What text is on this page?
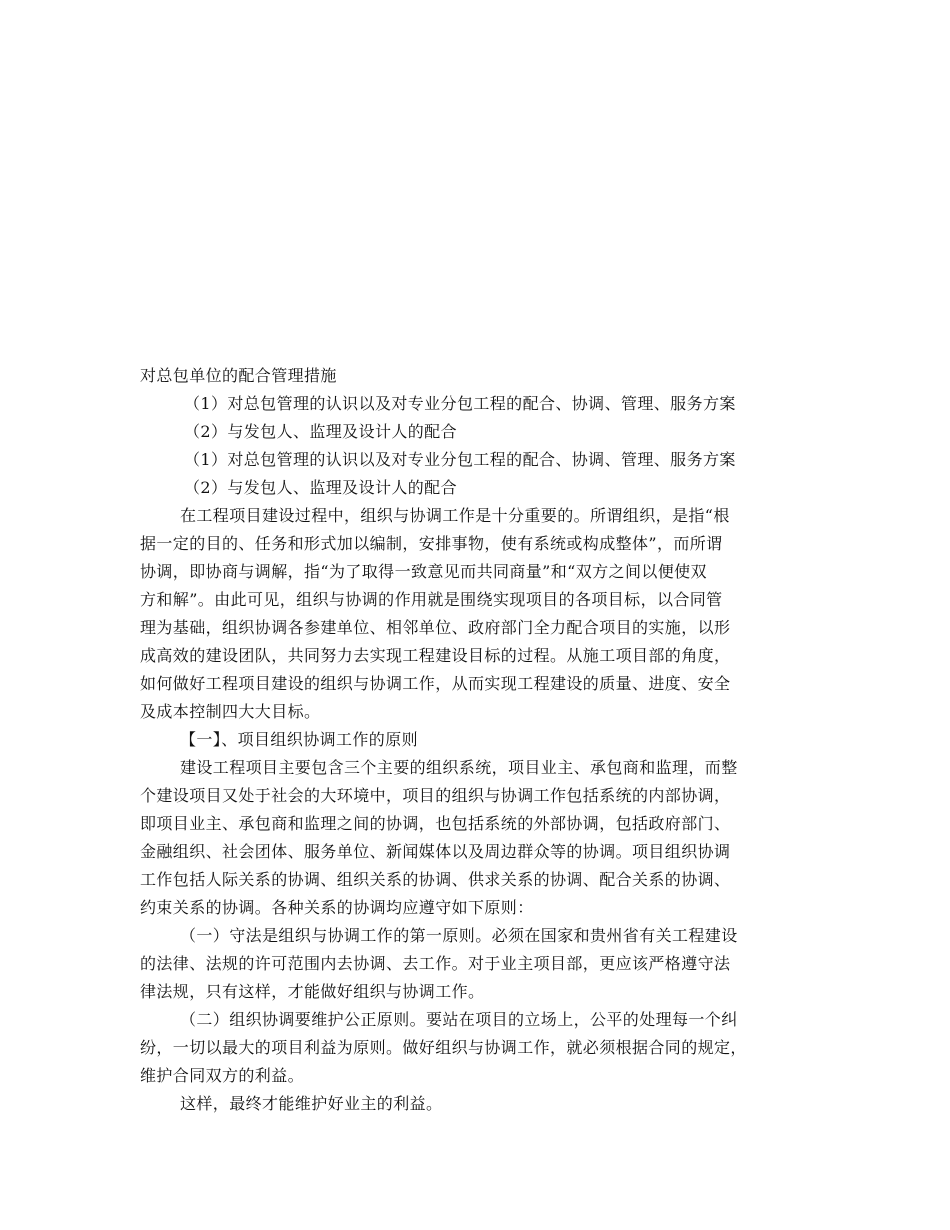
对总包单位的配合管理措施
（1）对总包管理的认识以及对专业分包工程的配合、协调、管理、服务方案
（2）与发包人、监理及设计人的配合
（1）对总包管理的认识以及对专业分包工程的配合、协调、管理、服务方案
（2）与发包人、监理及设计人的配合
在工程项目建设过程中，组织与协调工作是十分重要的。所谓组织，是指“根
据一定的目的、任务和形式加以编制，安排事物，使有系统或构成整体”，而所谓
协调，即协商与调解，指“为了取得一致意见而共同商量”和“双方之间以便使双
方和解”。由此可见，组织与协调的作用就是围绕实现项目的各项目标，以合同管
理为基础，组织协调各参建单位、相邻单位、政府部门全力配合项目的实施，以形
成高效的建设团队，共同努力去实现工程建设目标的过程。从施工项目部的角度，
如何做好工程项目建设的组织与协调工作，从而实现工程建设的质量、进度、安全
及成本控制四大大目标。
【一】、项目组织协调工作的原则
建设工程项目主要包含三个主要的组织系统，项目业主、承包商和监理，而整
个建设项目又处于社会的大环境中，项目的组织与协调工作包括系统的内部协调，
即项目业主、承包商和监理之间的协调，也包括系统的外部协调，包括政府部门、
金融组织、社会团体、服务单位、新闻媒体以及周边群众等的协调。项目组织协调
工作包括人际关系的协调、组织关系的协调、供求关系的协调、配合关系的协调、
约束关系的协调。各种关系的协调均应遵守如下原则：
（一）守法是组织与协调工作的第一原则。必须在国家和贵州省有关工程建设
的法律、法规的许可范围内去协调、去工作。对于业主项目部，更应该严格遵守法
律法规，只有这样，才能做好组织与协调工作。
（二）组织协调要维护公正原则。要站在项目的立场上，公平的处理每一个纠
纷，一切以最大的项目利益为原则。做好组织与协调工作，就必须根据合同的规定，
维护合同双方的利益。
这样，最终才能维护好业主的利益。
